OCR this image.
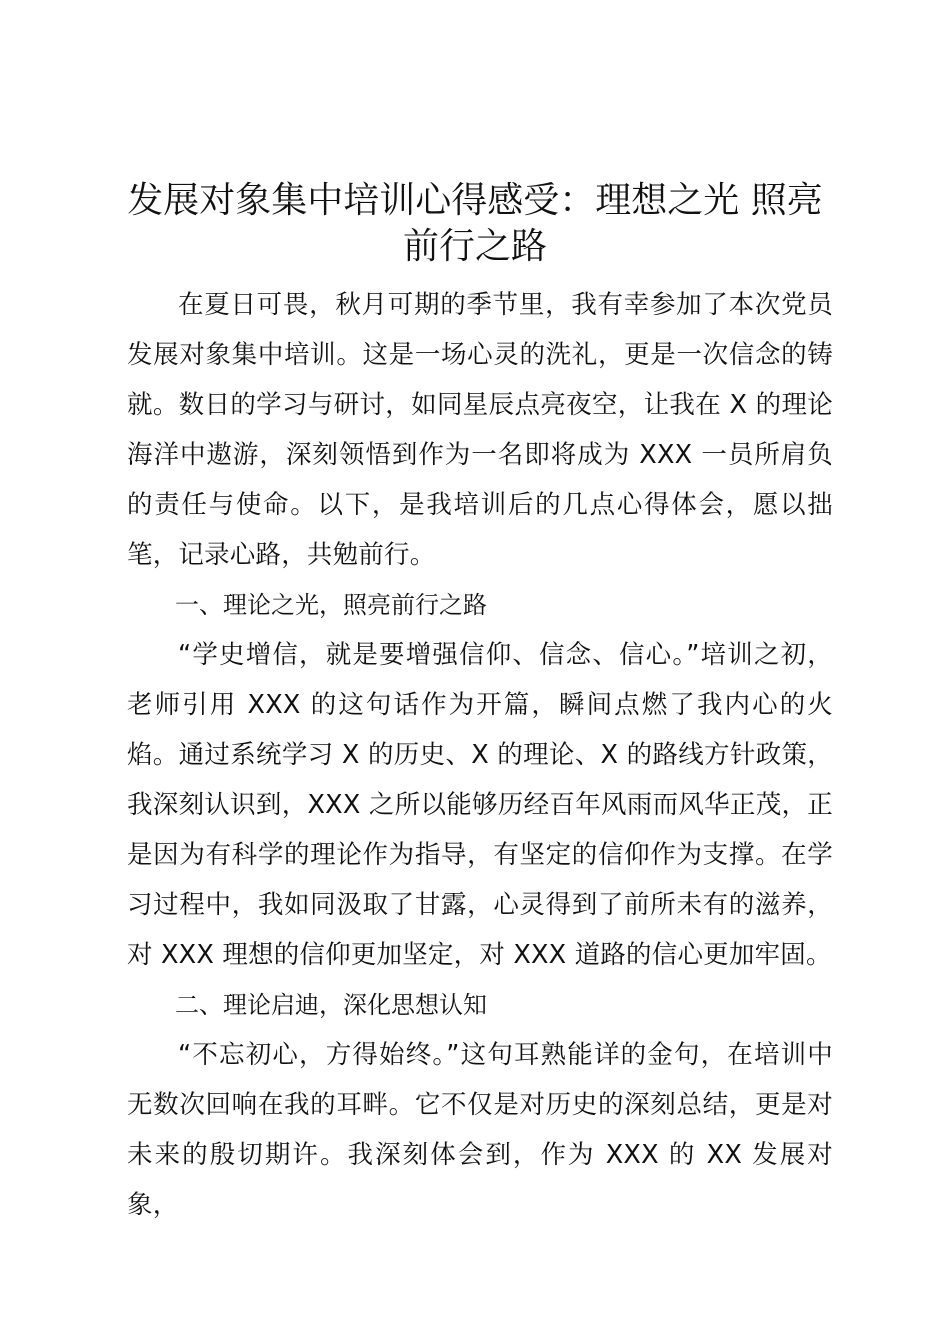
发展对象集中培训心得感受：理想之光 照亮前行之路

在夏日可畏，秋月可期的季节里，我有幸参加了本次党员发展对象集中培训。这是一场心灵的洗礼，更是一次信念的铸就。数日的学习与研讨，如同星辰点亮夜空，让我在 X 的理论海洋中遨游，深刻领悟到作为一名即将成为 XXX 一员所肩负的责任与使命。以下，是我培训后的几点心得体会，愿以拙笔，记录心路，共勉前行。

一、理论之光，照亮前行之路

“学史增信，就是要增强信仰、信念、信心。”培训之初，老师引用 XXX 的这句话作为开篇，瞬间点燃了我内心的火焰。通过系统学习 X 的历史、X 的理论、X 的路线方针政策，我深刻认识到，XXX 之所以能够历经百年风雨而风华正茂，正是因为有科学的理论作为指导，有坚定的信仰作为支撑。在学习过程中，我如同汲取了甘露，心灵得到了前所未有的滋养，对 XXX 理想的信仰更加坚定，对 XXX 道路的信心更加牢固。

二、理论启迪，深化思想认知

“不忘初心，方得始终。”这句耳熟能详的金句，在培训中无数次回响在我的耳畔。它不仅是对历史的深刻总结，更是对未来的殷切期许。我深刻体会到，作为 XXX 的 XX 发展对象，
